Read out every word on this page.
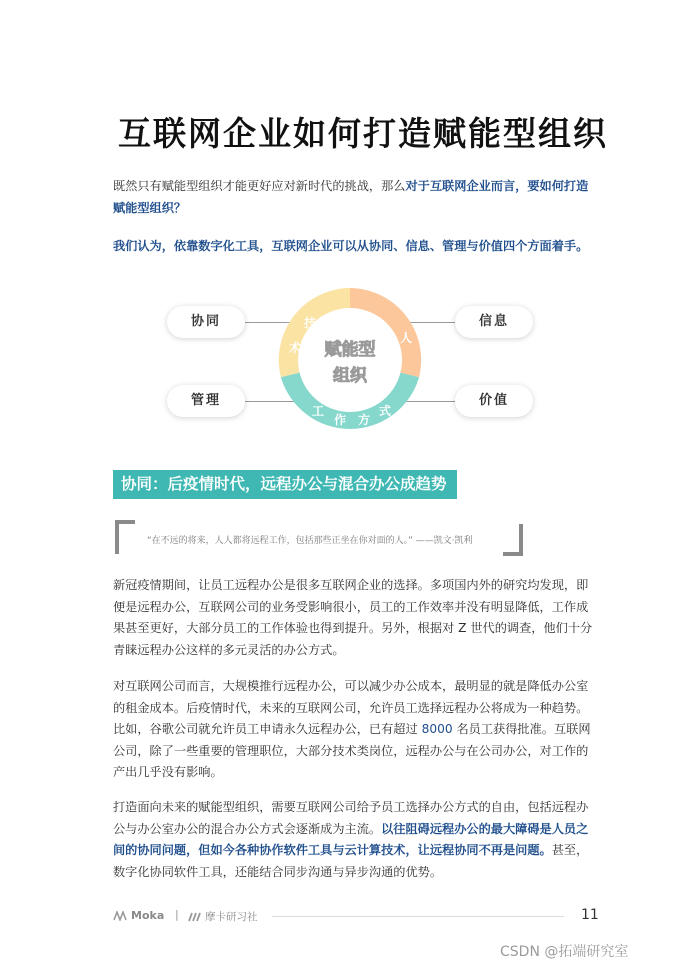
互联网企业如何打造赋能型组织

既然只有赋能型组织才能更好应对新时代的挑战，那么对于互联网企业而言，要如何打造赋能型组织？

我们认为，依靠数字化工具，互联网企业可以从协同、信息、管理与价值四个方面着手。

技
术
人
工
作 方
式
赋能型
组织
协同	信息
管理	价值
协同：后疫情时代，远程办公与混合办公成趋势

“在不远的将来，人人都将远程工作，包括那些正坐在你对面的人。” ——凯文·凯利

新冠疫情期间，让员工远程办公是很多互联网企业的选择。多项国内外的研究均发现，即便是远程办公，互联网公司的业务受影响很小，员工的工作效率并没有明显降低，工作成果甚至更好，大部分员工的工作体验也得到提升。另外，根据对 Z 世代的调查，他们十分青睐远程办公这样的多元灵活的办公方式。

对互联网公司而言，大规模推行远程办公，可以减少办公成本，最明显的就是降低办公室的租金成本。后疫情时代，未来的互联网公司，允许员工选择远程办公将成为一种趋势。比如，谷歌公司就允许员工申请永久远程办公，已有超过 8000 名员工获得批准。互联网公司，除了一些重要的管理职位，大部分技术类岗位，远程办公与在公司办公，对工作的产出几乎没有影响。

打造面向未来的赋能型组织，需要互联网公司给予员工选择办公方式的自由，包括远程办公与办公室办公的混合办公方式会逐渐成为主流。以往阻碍远程办公的最大障碍是人员之间的协同问题，但如今各种协作软件工具与云计算技术，让远程协同不再是问题。甚至，数字化协同软件工具，还能结合同步沟通与异步沟通的优势。

Moka |	摩卡研习社	11
CSDN @拓端研究室
